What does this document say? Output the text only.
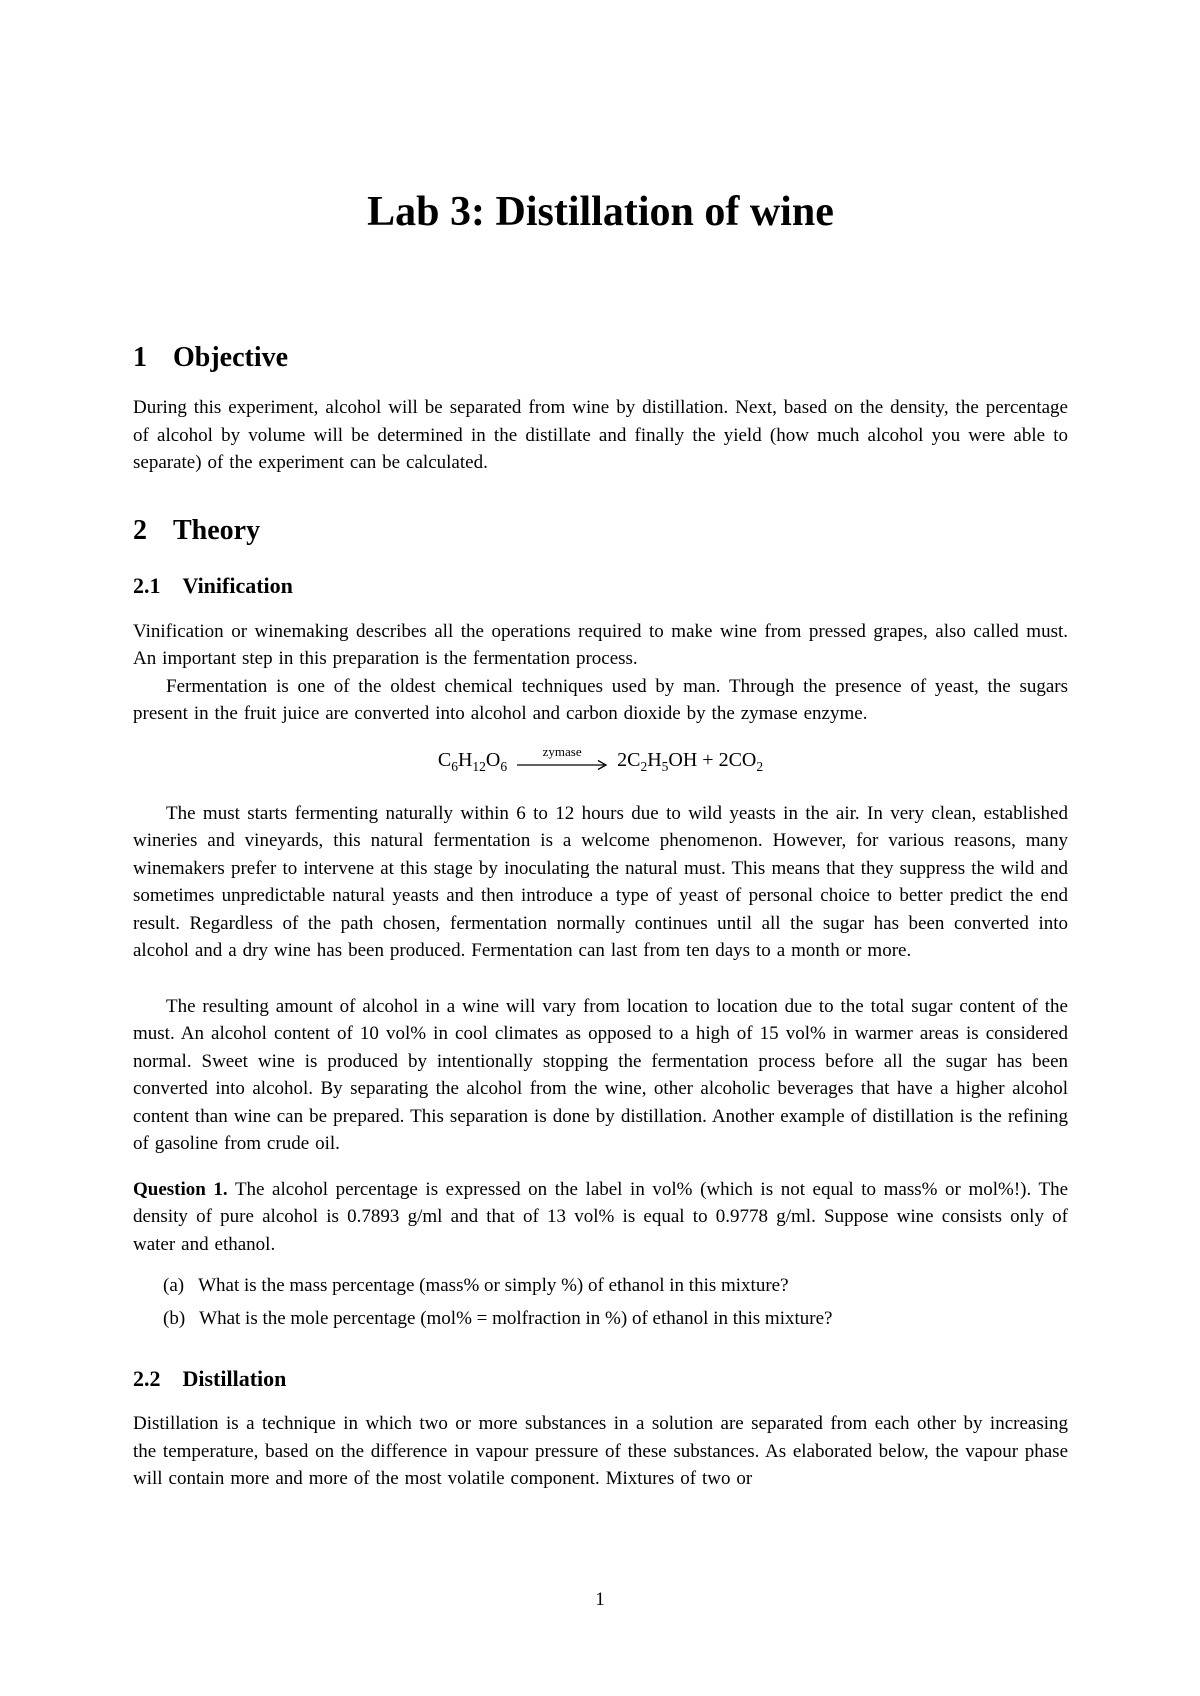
Lab 3: Distillation of wine
1 Objective

During this experiment, alcohol will be separated from wine by distillation. Next, based on the density, the percentage of alcohol by volume will be determined in the distillate and finally the yield (how much alcohol you were able to separate) of the experiment can be calculated.

2 Theory
2.1 Vinification

Vinification or winemaking describes all the operations required to make wine from pressed grapes, also called must. An important step in this preparation is the fermentation process.

Fermentation is one of the oldest chemical techniques used by man. Through the presence of yeast, the sugars present in the fruit juice are converted into alcohol and carbon dioxide by the zymase enzyme.

$C_6H_{12}O_6$
zymase $2C_2H_5OH + 2CO_2$

The must starts fermenting naturally within 6 to 12 hours due to wild yeasts in the air. In very clean, established wineries and vineyards, this natural fermentation is a welcome phenomenon. However, for various reasons, many winemakers prefer to intervene at this stage by inoculating the natural must. This means that they suppress the wild and sometimes unpredictable natural yeasts and then introduce a type of yeast of personal choice to better predict the end result. Regardless of the path chosen, fermentation normally continues until all the sugar has been converted into alcohol and a dry wine has been produced. Fermentation can last from ten days to a month or more.

The resulting amount of alcohol in a wine will vary from location to location due to the total sugar content of the must. An alcohol content of 10 vol% in cool climates as opposed to a high of 15 vol% in warmer areas is considered normal. Sweet wine is produced by intentionally stopping the fermentation process before all the sugar has been converted into alcohol. By separating the alcohol from the wine, other alcoholic beverages that have a higher alcohol content than wine can be prepared. This separation is done by distillation. Another example of distillation is the refining of gasoline from crude oil.

Question 1. The alcohol percentage is expressed on the label in vol% (which is not equal to mass% or mol%!). The density of pure alcohol is 0.7893 g/ml and that of 13 vol% is equal to 0.9778 g/ml. Suppose wine consists only of water and ethanol.

(a) What is the mass percentage (mass% or simply %) of ethanol in this mixture?
(b) What is the mole percentage (mol% = molfraction in %) of ethanol in this mixture?
2.2 Distillation

Distillation is a technique in which two or more substances in a solution are separated from each other by increasing the temperature, based on the difference in vapour pressure of these substances. As elaborated below, the vapour phase will contain more and more of the most volatile component. Mixtures of two or

1
